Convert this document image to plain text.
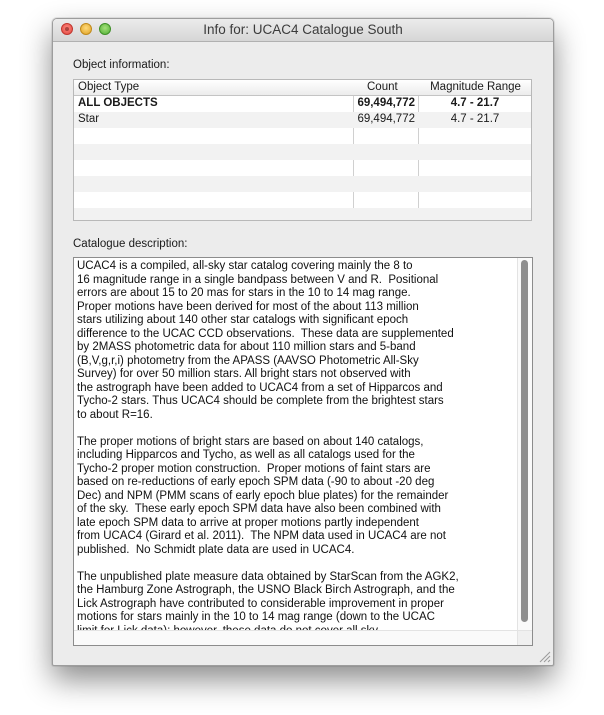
Info for: UCAC4 Catalogue South
Object information:
Object Type	Count	Magnitude Range
ALL OBJECTS	69,494,772	4.7 - 21.7
Star	69,494,772	4.7 - 21.7
Catalogue description:
UCAC4 is a compiled, all-sky star catalog covering mainly the 8 to
16 magnitude range in a single bandpass between V and R.  Positional
errors are about 15 to 20 mas for stars in the 10 to 14 mag range.
Proper motions have been derived for most of the about 113 million
stars utilizing about 140 other star catalogs with significant epoch
difference to the UCAC CCD observations.  These data are supplemented
by 2MASS photometric data for about 110 million stars and 5-band
(B,V,g,r,i) photometry from the APASS (AAVSO Photometric All-Sky
Survey) for over 50 million stars. All bright stars not observed with
the astrograph have been added to UCAC4 from a set of Hipparcos and
Tycho-2 stars. Thus UCAC4 should be complete from the brightest stars
to about R=16.

The proper motions of bright stars are based on about 140 catalogs,
including Hipparcos and Tycho, as well as all catalogs used for the
Tycho-2 proper motion construction.  Proper motions of faint stars are
based on re-reductions of early epoch SPM data (-90 to about -20 deg
Dec) and NPM (PMM scans of early epoch blue plates) for the remainder
of the sky.  These early epoch SPM data have also been combined with
late epoch SPM data to arrive at proper motions partly independent
from UCAC4 (Girard et al. 2011).  The NPM data used in UCAC4 are not
published.  No Schmidt plate data are used in UCAC4.

The unpublished plate measure data obtained by StarScan from the AGK2,
the Hamburg Zone Astrograph, the USNO Black Birch Astrograph, and the
Lick Astrograph have contributed to considerable improvement in proper
motions for stars mainly in the 10 to 14 mag range (down to the UCAC
